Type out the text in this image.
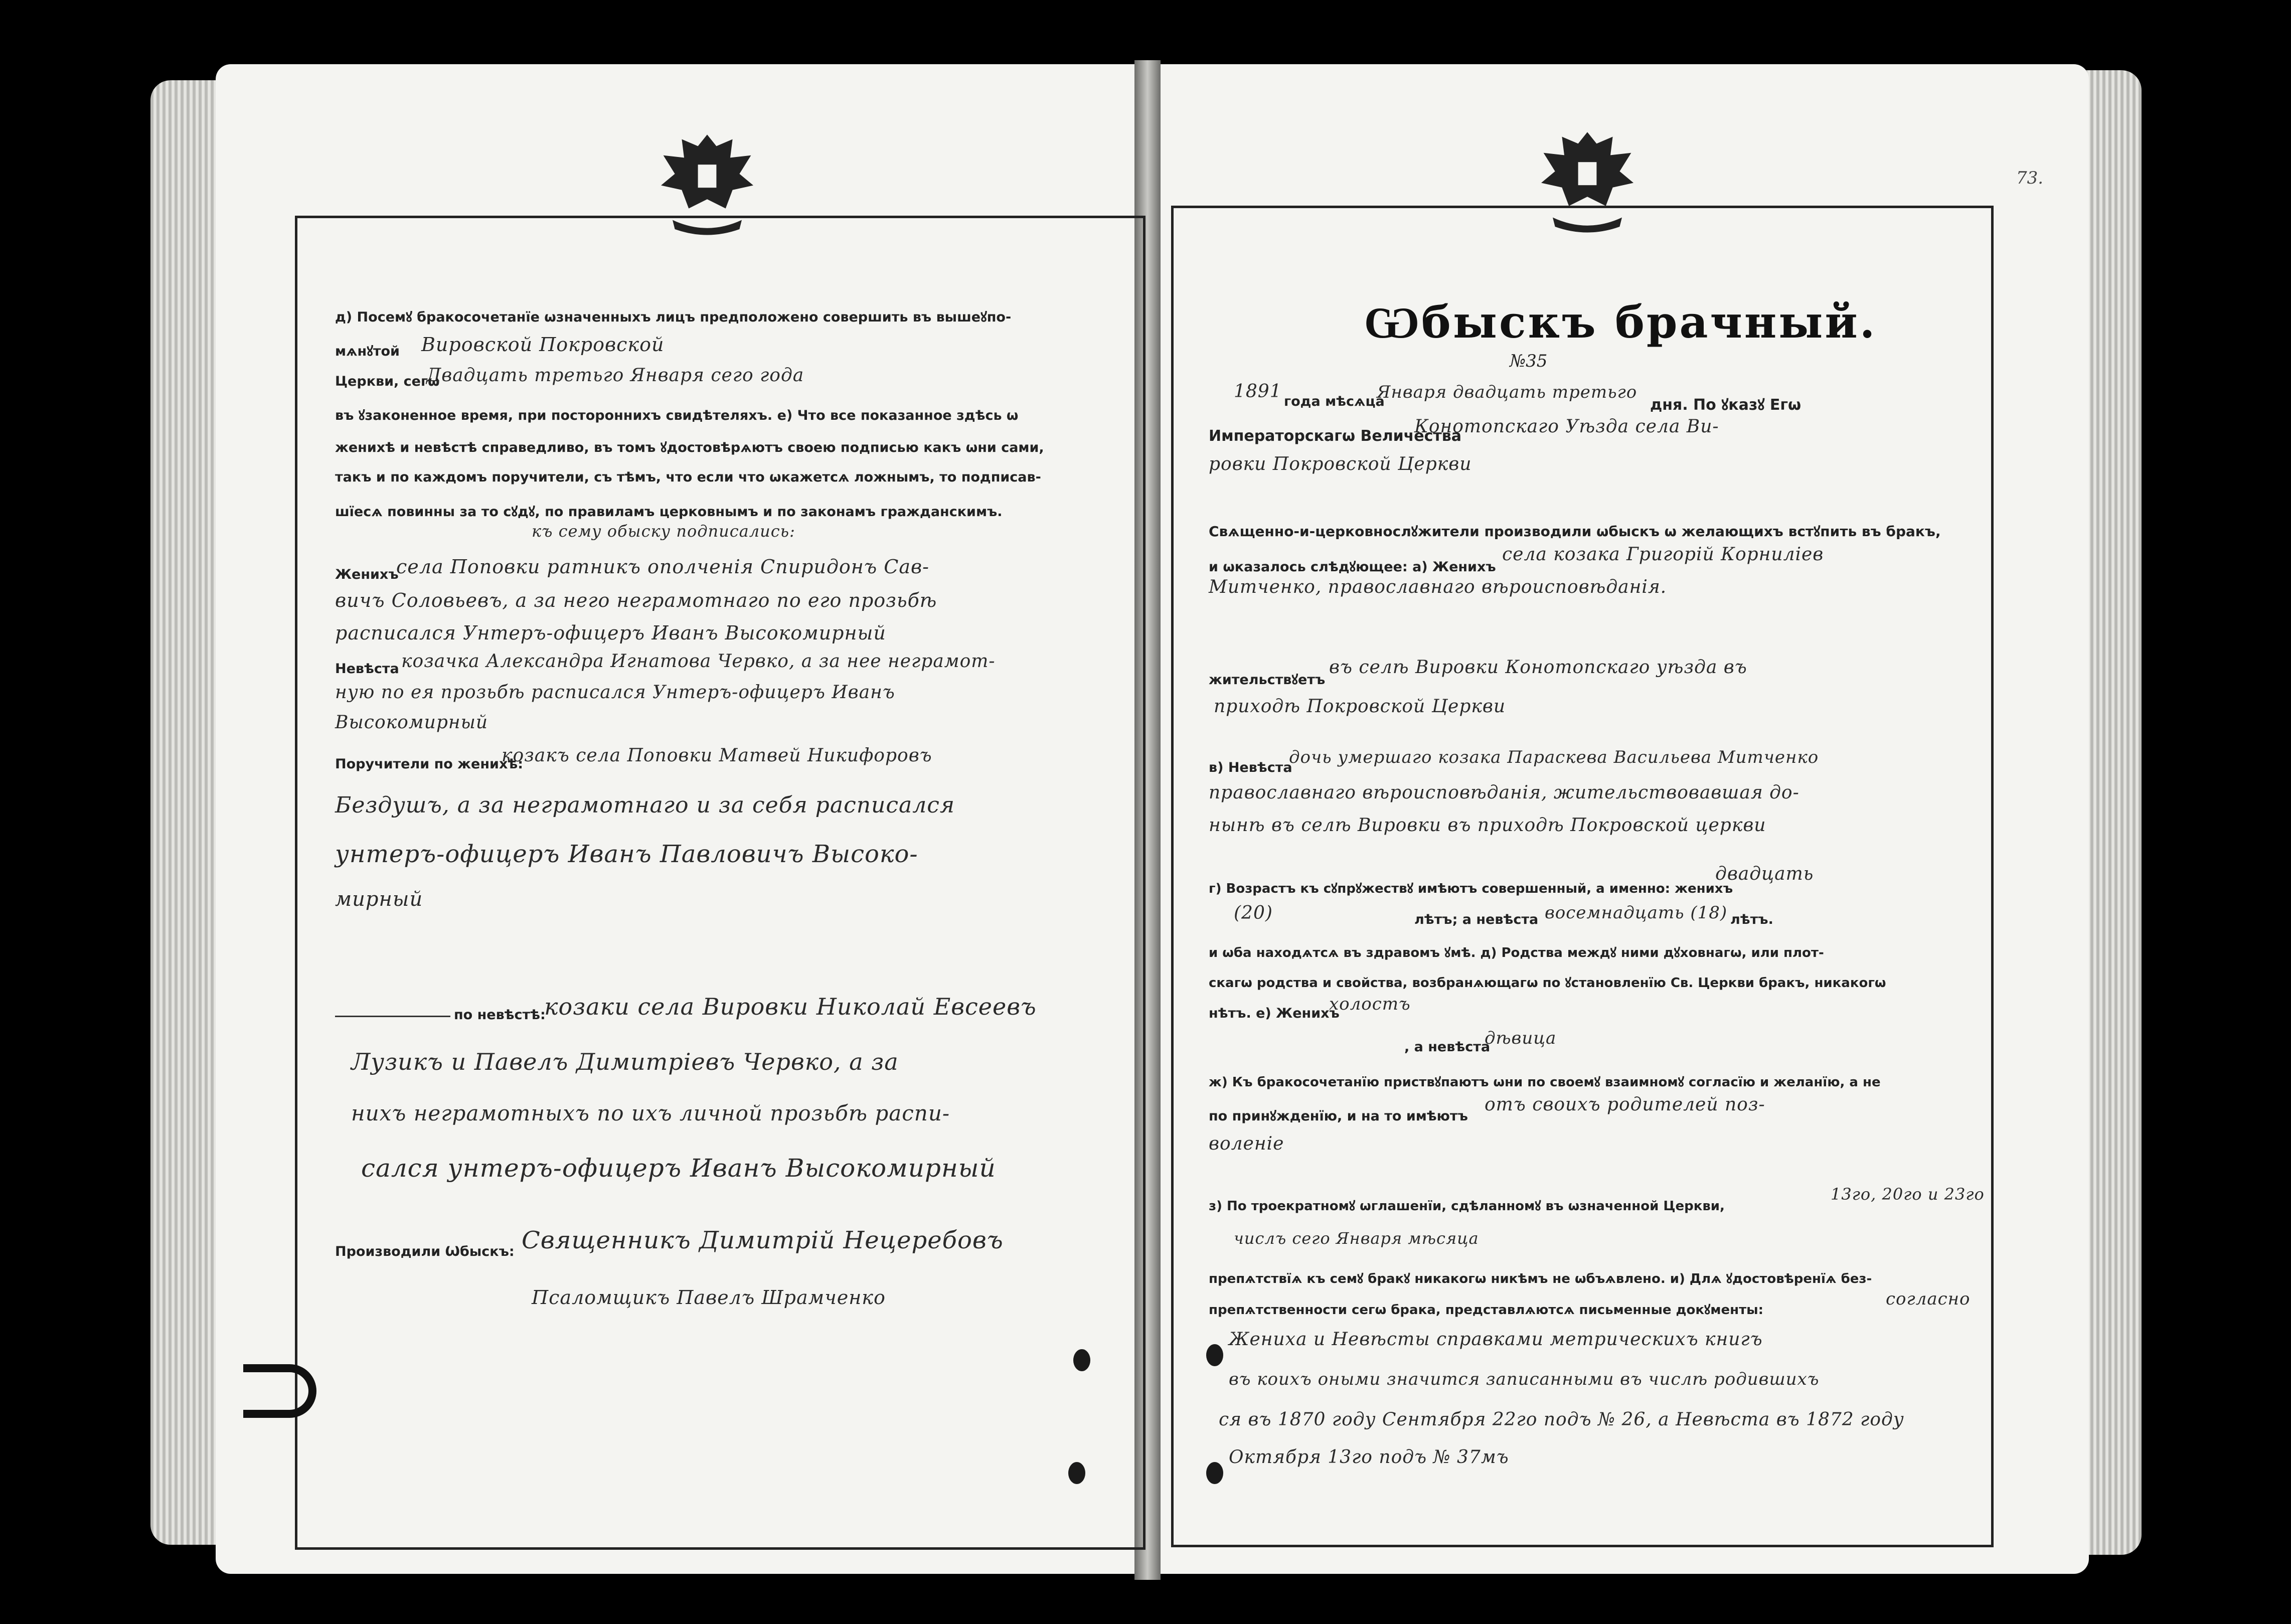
д) Посемꙋ бракосочетанїе ѡзначенныхъ лицъ предположено совершить въ вышеꙋпо-
мѧнꙋтой Вировской Покровской
Церкви, сегѡ
Двадцать третьго Января сего года
въ ꙋзаконенное время, при постороннихъ свидѣтеляхъ. е) Что все показанное здѣсь ѡ
женихѣ и невѣстѣ справедливо, въ томъ ꙋдостовѣрѧютъ своею подписью какъ ѡни сами,
такъ и по каждомъ поручители, съ тѣмъ, что если что ѡкажетсѧ ложнымъ, то подписав-
шїесѧ повинны за то сꙋдꙋ, по правиламъ церковнымъ и по законамъ гражданскимъ.
къ сему обыску подписались:
Женихъ
села Поповки ратникъ ополченiя Спиридонъ Сав-
вичъ Соловьевъ, а за него неграмотнаго по его прозьбѣ
расписался Унтеръ-офицеръ Иванъ Высокомирный
Невѣста козачка Александра Игнатова Червко, а за нее неграмот-
ную по ея прозьбѣ расписался Унтеръ-офицеръ Иванъ
Высокомирный
Поручители по женихѣ:
козакъ села Поповки Матвей Никифоровъ
Бездушъ, а за неграмотнаго и за себя расписался
унтеръ-офицеръ Иванъ Павловичъ Высоко-
мирный
по невѣстѣ:
козаки села Вировки Николай Евсеевъ
Лузикъ и Павелъ Димитрiевъ Червко, а за
нихъ неграмотныхъ по ихъ личной прозьбѣ распи-
сался унтеръ-офицеръ Иванъ Высокомирный
Производили Ѡбыскъ: Священникъ Димитрiй Нецеребовъ
Псаломщикъ Павелъ Шрамченко
73.
Ѡбыскъ брачный.
№35
1891 года мѣсѧца
Января двадцать третьго
дня. По ꙋказꙋ Егѡ
Императорскагѡ Величества
Конотопскаго Уѣзда села Ви-
ровки Покровской Церкви
Свѧщенно-и-церковнослꙋжители производили ѡбыскъ ѡ желающихъ встꙋпить въ бракъ,
и ѡказалось слѣдꙋющее: а) Женихъ
села козака Григорiй Корнилiев
Митченко, православнаго вѣроисповѣданiя.
жительствꙋетъ
въ селѣ Вировки Конотопскаго уѣзда въ
приходѣ Покровской Церкви
в) Невѣста
дочь умершаго козака Параскева Васильева Митченко
православнаго вѣроисповѣданiя, жительствовавшая до-
нынѣ въ селѣ Вировки въ приходѣ Покровской церкви
г) Возрастъ къ сꙋпрꙋжествꙋ имѣютъ совершенный, а именно: женихъ
двадцать
(20)	лѣтъ; а невѣста восемнадцать (18) лѣтъ.
и ѡба находѧтсѧ въ здравомъ ꙋмѣ. д) Родства междꙋ ними дꙋховнагѡ, или плот-
скагѡ родства и свойства, возбранѧющагѡ по ꙋстановленїю Св. Церкви бракъ, никакогѡ
нѣтъ. е) Женихъ
холостъ
, а невѣста
дѣвица
ж) Къ бракосочетанїю приствꙋпаютъ ѡни по своемꙋ взаимномꙋ согласїю и желанїю, а не
по принꙋжденїю, и на то имѣютъ
отъ своихъ родителей поз-
воленiе
з) По троекратномꙋ ѡглашенїи, сдѣланномꙋ въ ѡзначенной Церкви,
13го, 20го и 23го
числъ сего Января мѣсяца
препѧтствїѧ къ семꙋ бракꙋ никакогѡ никѣмъ не ѡбъѧвлено. и) Длѧ ꙋдостовѣренїѧ без-
препѧтственности сегѡ брака, представлѧютсѧ письменные докꙋменты:
согласно
Жениха и Невѣсты справками метрическихъ книгъ
въ коихъ оными значится записанными въ числѣ родившихъ
ся въ 1870 году Сентября 22го подъ № 26, а Невѣста въ 1872 году
Октября 13го подъ № 37мъ
